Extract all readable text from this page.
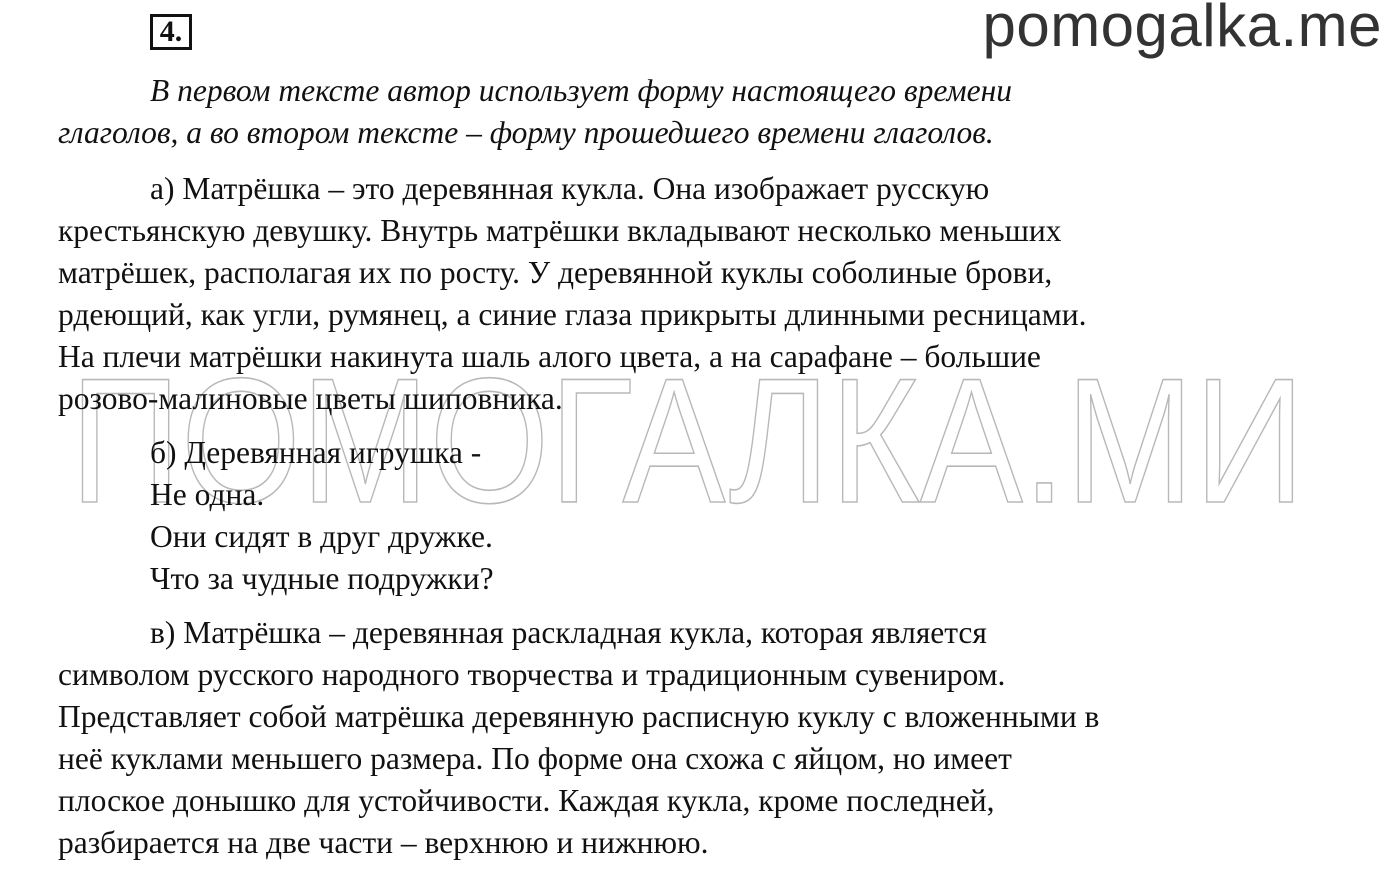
4.	pomogalka.me
ПОМОГАЛКА.МИ

В первом тексте автор использует форму настоящего времени
глаголов, а во втором тексте – форму прошедшего времени глаголов.

а) Матрёшка – это деревянная кукла. Она изображает русскую
крестьянскую девушку. Внутрь матрёшки вкладывают несколько меньших
матрёшек, располагая их по росту. У деревянной куклы соболиные брови,
рдеющий, как угли, румянец, а синие глаза прикрыты длинными ресницами.
На плечи матрёшки накинута шаль алого цвета, а на сарафане – большие
розово-малиновые цветы шиповника.

б) Деревянная игрушка -

Не одна.

Они сидят в друг дружке.

Что за чудные подружки?

в) Матрёшка – деревянная раскладная кукла, которая является
символом русского народного творчества и традиционным сувениром.
Представляет собой матрёшка деревянную расписную куклу с вложенными в
неё куклами меньшего размера. По форме она схожа с яйцом, но имеет
плоское донышко для устойчивости. Каждая кукла, кроме последней,
разбирается на две части – верхнюю и нижнюю.
